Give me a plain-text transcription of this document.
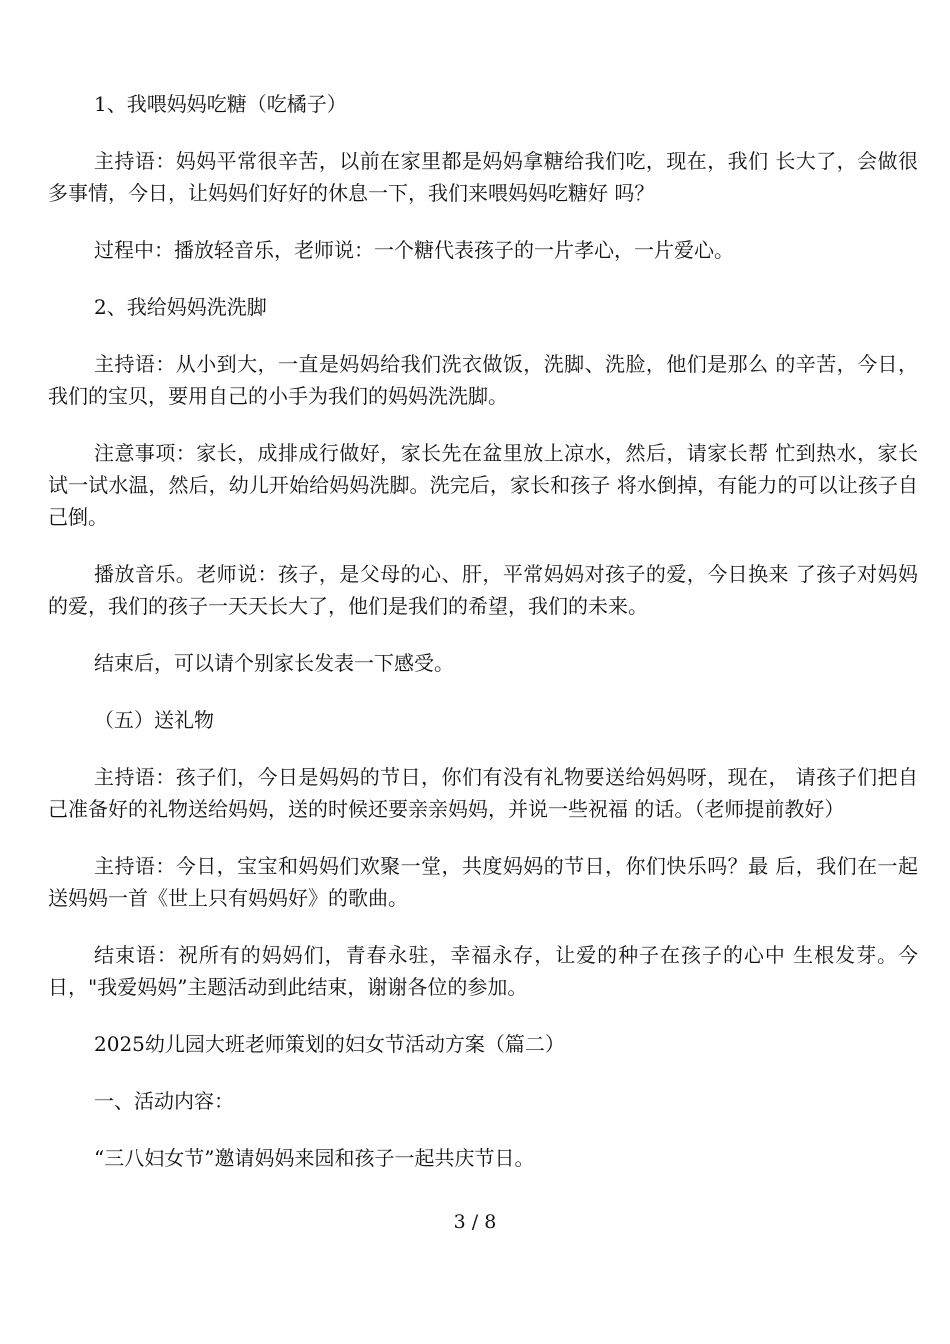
1、我喂妈妈吃糖（吃橘子）

主持语：妈妈平常很辛苦，以前在家里都是妈妈拿糖给我们吃，现在，我们 长大了，会做很多事情，今日，让妈妈们好好的休息一下，我们来喂妈妈吃糖好 吗？

过程中：播放轻音乐，老师说：一个糖代表孩子的一片孝心，一片爱心。

2、我给妈妈洗洗脚

主持语：从小到大，一直是妈妈给我们洗衣做饭，洗脚、洗脸，他们是那么 的辛苦，今日，我们的宝贝，要用自己的小手为我们的妈妈洗洗脚。

注意事项：家长，成排成行做好，家长先在盆里放上凉水，然后，请家长帮 忙到热水，家长试一试水温，然后，幼儿开始给妈妈洗脚。洗完后，家长和孩子 将水倒掉，有能力的可以让孩子自己倒。

播放音乐。老师说：孩子，是父母的心、肝，平常妈妈对孩子的爱，今日换来 了孩子对妈妈的爱，我们的孩子一天天长大了，他们是我们的希望，我们的未来。

结束后，可以请个别家长发表一下感受。

（五）送礼物

主持语：孩子们，今日是妈妈的节日，你们有没有礼物要送给妈妈呀，现在， 请孩子们把自己准备好的礼物送给妈妈，送的时候还要亲亲妈妈，并说一些祝福 的话。（老师提前教好）

主持语：今日，宝宝和妈妈们欢聚一堂，共度妈妈的节日，你们快乐吗？最 后，我们在一起送妈妈一首《世上只有妈妈好》的歌曲。

结束语：祝所有的妈妈们，青春永驻，幸福永存，让爱的种子在孩子的心中 生根发芽。今日，"我爱妈妈”主题活动到此结束，谢谢各位的参加。

2025幼儿园大班老师策划的妇女节活动方案（篇二）

一、活动内容：

“三八妇女节”邀请妈妈来园和孩子一起共庆节日。

3 / 8
